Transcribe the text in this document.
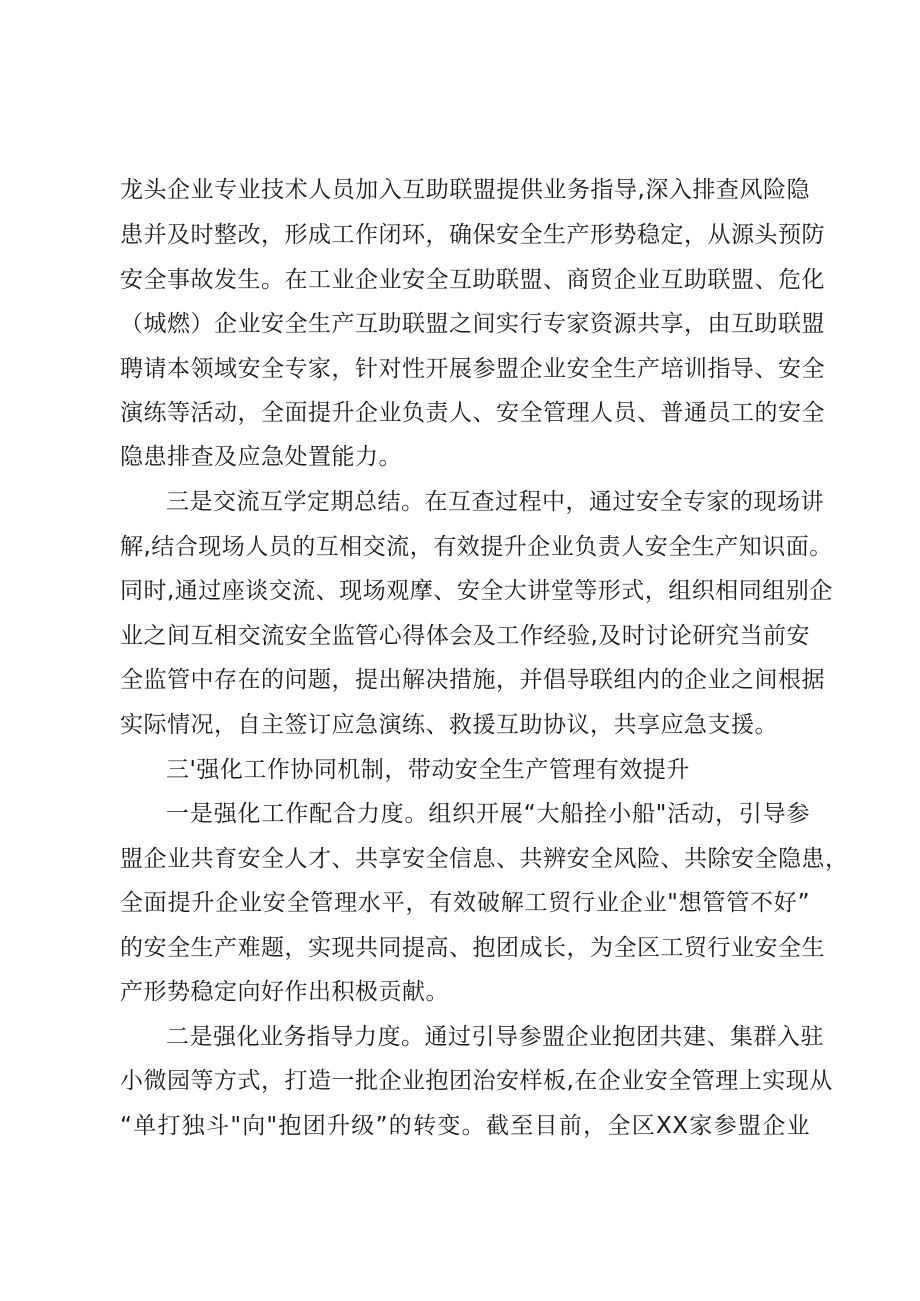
龙头企业专业技术人员加入互助联盟提供业务指导,深入排查风险隐
患并及时整改，形成工作闭环，确保安全生产形势稳定，从源头预防
安全事故发生。在工业企业安全互助联盟、商贸企业互助联盟、危化
（城燃）企业安全生产互助联盟之间实行专家资源共享，由互助联盟
聘请本领域安全专家，针对性开展参盟企业安全生产培训指导、安全
演练等活动，全面提升企业负责人、安全管理人员、普通员工的安全
隐患排查及应急处置能力。
三是交流互学定期总结。在互查过程中，通过安全专家的现场讲
解,结合现场人员的互相交流，有效提升企业负责人安全生产知识面。
同时,通过座谈交流、现场观摩、安全大讲堂等形式，组织相同组别企
业之间互相交流安全监管心得体会及工作经验,及时讨论研究当前安
全监管中存在的问题，提出解决措施，并倡导联组内的企业之间根据
实际情况，自主签订应急演练、救援互助协议，共享应急支援。
三'强化工作协同机制，带动安全生产管理有效提升
一是强化工作配合力度。组织开展“大船拴小船"活动，引导参
盟企业共育安全人才、共享安全信息、共辨安全风险、共除安全隐患，
全面提升企业安全管理水平，有效破解工贸行业企业"想管管不好”
的安全生产难题，实现共同提高、抱团成长，为全区工贸行业安全生
产形势稳定向好作出积极贡献。
二是强化业务指导力度。通过引导参盟企业抱团共建、集群入驻
小微园等方式，打造一批企业抱团治安样板,在企业安全管理上实现从
“单打独斗"向"抱团升级”的转变。截至目前，全区XX家参盟企业
